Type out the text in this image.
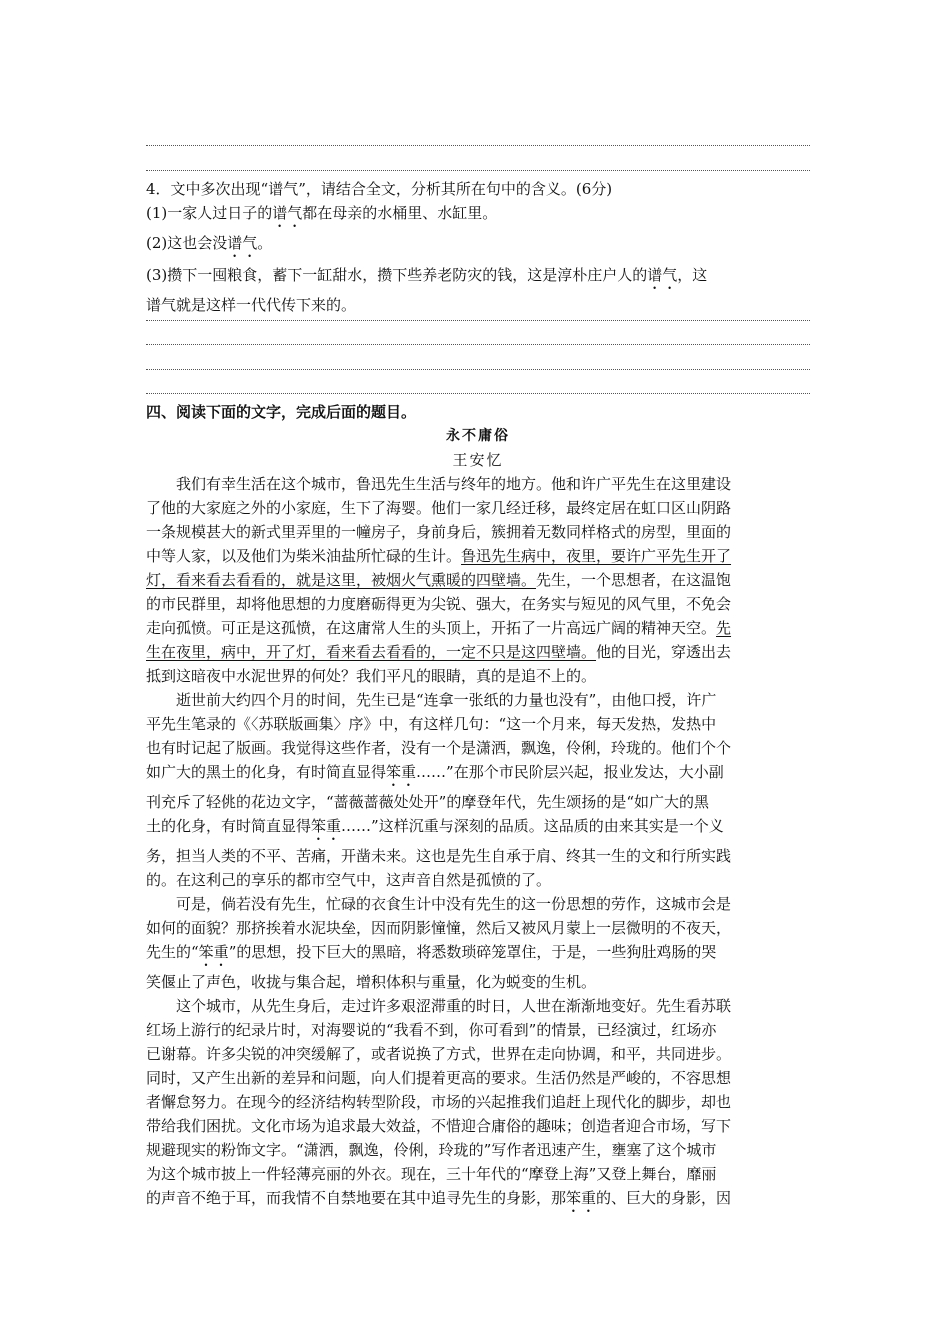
4．文中多次出现“谱气”，请结合全文，分析其所在句中的含义。(6分)
(1)一家人过日子的谱气都在母亲的水桶里、水缸里。
(2)这也会没谱气。
(3)攒下一囤粮食，蓄下一缸甜水，攒下些养老防灾的钱，这是淳朴庄户人的谱气，这
谱气就是这样一代代传下来的。
四、阅读下面的文字，完成后面的题目。
永不庸俗
王安忆
我们有幸生活在这个城市，鲁迅先生生活与终年的地方。他和许广平先生在这里建设
了他的大家庭之外的小家庭，生下了海婴。他们一家几经迁移，最终定居在虹口区山阴路
一条规模甚大的新式里弄里的一幢房子，身前身后，簇拥着无数同样格式的房型，里面的
中等人家，以及他们为柴米油盐所忙碌的生计。鲁迅先生病中，夜里，要许广平先生开了
灯，看来看去看看的，就是这里，被烟火气熏暖的四壁墙。先生，一个思想者，在这温饱
的市民群里，却将他思想的力度磨砺得更为尖锐、强大，在务实与短见的风气里，不免会
走向孤愤。可正是这孤愤，在这庸常人生的头顶上，开拓了一片高远广阔的精神天空。先
生在夜里，病中，开了灯，看来看去看看的，一定不只是这四壁墙。他的目光，穿透出去
抵到这暗夜中水泥世界的何处？我们平凡的眼睛，真的是追不上的。
逝世前大约四个月的时间，先生已是“连拿一张纸的力量也没有”，由他口授，许广
平先生笔录的《〈苏联版画集〉序》中，有这样几句：“这一个月来，每天发热，发热中
也有时记起了版画。我觉得这些作者，没有一个是潇洒，飘逸，伶俐，玲珑的。他们个个
如广大的黑土的化身，有时简直显得笨重……”在那个市民阶层兴起，报业发达，大小副
刊充斥了轻佻的花边文字，“蔷薇蔷薇处处开”的摩登年代，先生颂扬的是“如广大的黑
土的化身，有时简直显得笨重……”这样沉重与深刻的品质。这品质的由来其实是一个义
务，担当人类的不平、苦痛，开凿未来。这也是先生自承于肩、终其一生的文和行所实践
的。在这利己的享乐的都市空气中，这声音自然是孤愤的了。
可是，倘若没有先生，忙碌的衣食生计中没有先生的这一份思想的劳作，这城市会是
如何的面貌？那挤挨着水泥块垒，因而阴影憧憧，然后又被风月蒙上一层微明的不夜天，
先生的“笨重”的思想，投下巨大的黑暗，将悉数琐碎笼罩住，于是，一些狗肚鸡肠的哭
笑偃止了声色，收拢与集合起，增积体积与重量，化为蜕变的生机。
这个城市，从先生身后，走过许多艰涩滞重的时日，人世在渐渐地变好。先生看苏联
红场上游行的纪录片时，对海婴说的“我看不到，你可看到”的情景，已经演过，红场亦
已谢幕。许多尖锐的冲突缓解了，或者说换了方式，世界在走向协调，和平，共同进步。
同时，又产生出新的差异和问题，向人们提着更高的要求。生活仍然是严峻的，不容思想
者懈怠努力。在现今的经济结构转型阶段，市场的兴起推我们追赶上现代化的脚步，却也
带给我们困扰。文化市场为追求最大效益，不惜迎合庸俗的趣味；创造者迎合市场，写下
规避现实的粉饰文字。“潇洒，飘逸，伶俐，玲珑的”写作者迅速产生，壅塞了这个城市
为这个城市披上一件轻薄亮丽的外衣。现在，三十年代的“摩登上海”又登上舞台，靡丽
的声音不绝于耳，而我情不自禁地要在其中追寻先生的身影，那笨重的、巨大的身影，因
